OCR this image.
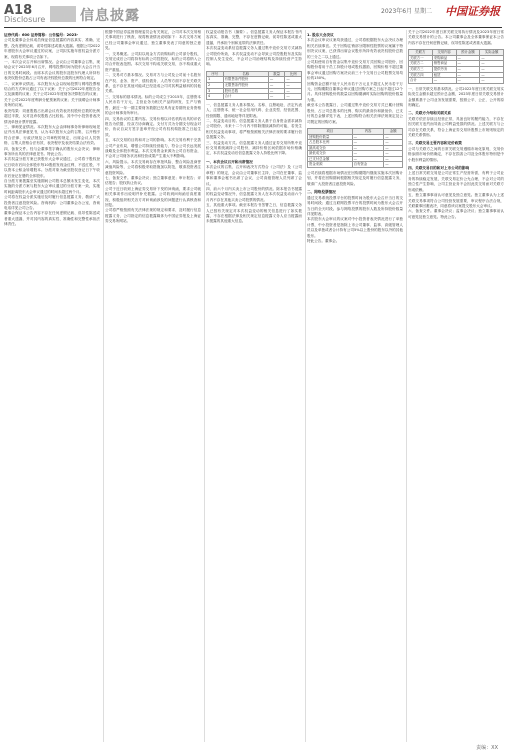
A18
Disclosure 信息披露	2023年6月 星期二 中国证券报

证券代码：600 证券简称：公告编号：2023-

公司及董事会全体成员保证信息披露的内容真实、准确、完整，没有虚假记载、误导性陈述或重大遗漏。根据公司2022年度股东大会审议通过的议案，公司拟实施年度权益分派方案，现将有关事项公告如下。

一、本次会议召开和出席情况。会议由公司董事会召集，现场会议于2023年6月召开，网络投票时间为股东大会召开当日的交易时间段。出席本次会议的股东及股东代理人所持有表决权股份总数占公司有表决权股份总数的比例符合规定。

二、议案审议情况。本次股东大会以现场投票与网络投票相结合的方式审议通过了以下议案：关于公司2022年度报告全文及摘要的议案；关于公司2022年度财务决算报告的议案；关于公司2022年度利润分配预案的议案；关于续聘会计师事务所的议案。

表决结果：同意股数占出席会议有效表决权股份总数的比例超过半数，反对及弃权股数占比较低。其中中小投资者表决情况单独计票并披露。

三、律师见证情况。本次股东大会由律师事务所律师现场见证并出具法律意见书，认为本次股东大会的召集、召开程序符合法律、行政法规及公司章程的规定，出席会议人员资格、召集人资格合法有效，表决程序及表决结果合法有效。

四、备查文件。经与会董事签字确认的股东大会决议；律师事务所出具的法律意见书。特此公告。

本次权益分派方案已获股东大会审议通过，公司将于股权登记日收市后向全体股东每10股派发现金红利，不送红股，不以资本公积金转增股本。分派对象为截至股权登记日下午收市后登记在册的全体股东。

自分派方案披露至实施期间公司股本总额未发生变化，本次实施的分派方案与股东大会审议通过的分派方案一致，实施时间距离股东大会审议通过的时间未超过两个月。

公司将在权益分派实施后及时履行信息披露义务，敬请广大投资者注意投资风险。咨询机构：公司董事会办公室，咨询电话详见公司公告。

董事会保证本公告内容不存在任何虚假记载、误导性陈述或者重大遗漏，并对其内容的真实性、准确性和完整性承担法律责任。

根据中国证券监督管理委员会有关规定，公司对本次交易相关事项进行了核查，现将核查情况说明如下：本次交易方案已经公司董事会审议通过，独立董事发表了同意的独立意见。

一、交易概述。公司拟以现金方式收购标的公司部分股权，交易完成后公司将持有标的公司控股权，标的公司将纳入公司合并报表范围。本次交易不构成关联交易，亦不构成重大资产重组。

二、交易对方基本情况。交易对方与公司及公司前十名股东在产权、业务、资产、债权债务、人员等方面不存在关联关系，也不存在其他可能或已经造成公司对其利益倾斜的其他关系。

三、交易标的基本情况。标的公司成立于2015年，注册资本人民币若干万元，主营业务为相关产品的研发、生产与销售，最近一年一期主要财务数据已经具有证券期货业务资格的会计师事务所审计。

四、交易协议的主要内容。交易价格以评估机构出具的评估报告为依据，经双方协商确定。支付方式为分期支付现金对价，协议自双方签字盖章并经公司有权机构批准之日起生效。

五、本次交易的目的和对公司的影响。本次交易有利于完善公司产业布局，增强公司持续经营能力，符合公司长远发展战略及全体股东利益。本次交易资金来源为公司自有资金，不会对公司财务状况和经营成果产生重大不利影响。

六、风险提示。本次交易尚存在审批风险、整合风险及商誉减值风险等，公司将积极采取措施加以防范，敬请投资者注意投资风险。

七、备查文件。董事会决议；独立董事意见；审计报告；评估报告；股权转让协议。

公司于近日收到上海证券交易所下发的问询函，要求公司就相关事项作出说明并补充披露。公司收到问询函后高度重视，积极组织相关各方对问询函涉及的问题进行认真核查和回复。

公司将严格按照有关法律法规的规定和要求，及时履行信息披露义务，公司指定的信息披露媒体为中国证券报及上海证券交易所网站。

权益变动报告书（摘要）。信息披露义务人保证本报告书内容真实、准确、完整，不存在虚假记载、误导性陈述或重大遗漏，并承担个别和连带的法律责任。

本次权益变动系信息披露义务人通过集中竞价交易方式减持公司股份所致，本次权益变动不会导致公司控股股东及实际控制人发生变化，不会对公司治理结构及持续经营产生影响。

序号	名称	数量	比例
1	有限售条件股份	—	—
2	无限售条件股份	—	—
3	股份总数	—	—
4	合计	—	—

一、信息披露义务人基本情况。名称、注册地址、法定代表人、注册资本、统一社会信用代码、企业类型、经营范围、经营期限、通讯地址等详见附表。

二、权益变动目的。信息披露义务人基于自身资金需求减持公司股份，未来十二个月内不排除继续减持的可能，若发生相关权益变动事项，将严格按照相关法律法规的要求履行信息披露义务。

三、权益变动方式。信息披露义务人通过证券交易所集中竞价交易系统减持公司股份，减持价格区间依据市场价格确定，本次权益变动后信息披露义务人持股比例下降。

一、本次会议召开和出席情况

本次会议的召集、召开和表决方式符合《公司法》及《公司章程》的规定，会议由公司董事长主持，公司在任董事、监事和董事会秘书出席了会议，公司高级管理人员列席了会议。

四、前六个月内买卖上市公司股份的情况。除本报告书披露的权益变动情况外，信息披露义务人在本次权益变动前六个月内不存在其他买卖公司股票的情况。

五、其他重大事项。截至本报告书签署之日，信息披露义务人已按有关规定对本次权益变动的相关信息进行了如实披露，不存在根据法律及相关规定信息披露义务人应当披露而未披露的其他重大信息。

1. 股东大会决议

本次会议审议议案均获通过，公司将根据股东大会决议办理相关后续事宜。关于回购注销部分限制性股票的议案属于特别决议议案，已获得出席会议股东所持有效表决权股份总数的三分之二以上通过。

公司拟使用自有资金以集中竞价交易方式回购公司股份，回购股份将用于员工持股计划或股权激励，回购价格不超过董事会审议通过回购方案决议前三十个交易日公司股票交易均价的150%。

回购资金总额不低于人民币若干万元且不超过人民币若干万元，回购期限自董事会审议通过回购方案之日起不超过12个月。具体回购股份的数量以回购期满时实际回购的股份数量为准。

截至本公告披露日，公司通过集中竞价交易方式已累计回购股份，占公司总股本的比例、购买的最高价和最低价、已支付的总金额详见下表，上述回购符合相关法律法规规定及公司既定的回购方案。

项目	内容	金额
回购股份数量	—	—
占总股本比例	—	—
最高成交价	—	—
最低成交价	—	—
已支付总金额	—	—
资金来源	自有资金	—

公司后续将根据市场情况在回购期限内继续实施本次回购计划，并将在回购期间根据相关规定及时履行信息披露义务，敬请广大投资者注意投资风险。

二、网络投票情况

通过交易系统投票平台的投票时间为股东大会召开当日的交易时间段；通过互联网投票平台的投票时间为股东大会召开当日的全天时段。参与网络投票的股东人数及所持股份数量详见附表。

本次股东大会审议的议案对中小投资者表决情况进行了单独计票，中小投资者是指除上市公司董事、监事、高级管理人员以及单独或者合计持有公司5%以上股份的股东以外的其他股东。

特此公告。董事会。

关于公司2022年度日常关联交易执行情况及2023年度日常关联交易预计的公告。本公司董事会及全体董事保证本公告内容不存在任何虚假记载、误导性陈述或者重大遗漏。

关联方	交易内容	预计金额	实际金额
关联方一	采购商品	—	—
关联方二	销售商品	—	—
关联方三	提供劳务	—	—
关联方四	租赁	—	—
合计	—	—	—

一、日常关联交易基本情况。公司2022年度日常关联交易实际发生金额未超过预计总金额，2023年度日常关联交易预计金额系基于公司业务发展需要，按照公平、公正、公开的原则确定。

二、关联方介绍和关联关系

关联方依法存续且经营正常，具备良好的履约能力，不存在因关联方违约而导致公司利益受损的情况。上述关联方与公司存在关联关系，符合上海证券交易所股票上市规则规定的关联关系情形。

三、关联交易主要内容和定价政策

公司与关联方之间的日常关联交易遵循市场化原则，交易价格参照市场价格确定，不存在损害公司及全体股东特别是中小股东利益的情形。

四、关联交易目的和对上市公司的影响

上述日常关联交易是公司正常生产经营所需，有利于公司业务的持续稳定发展，关联交易定价公允合理，不会对公司的独立性产生影响，公司主营业务不会因此类交易而对关联方形成依赖。

五、独立董事事前认可意见及独立意见。独立董事认为上述关联交易事项符合公司经营发展需要，审议程序合法合规，关联董事回避表决，同意将该议案提交股东大会审议。

六、备查文件。董事会决议；监事会决议；独立董事事前认可意见及独立意见。特此公告。

责编：XX
